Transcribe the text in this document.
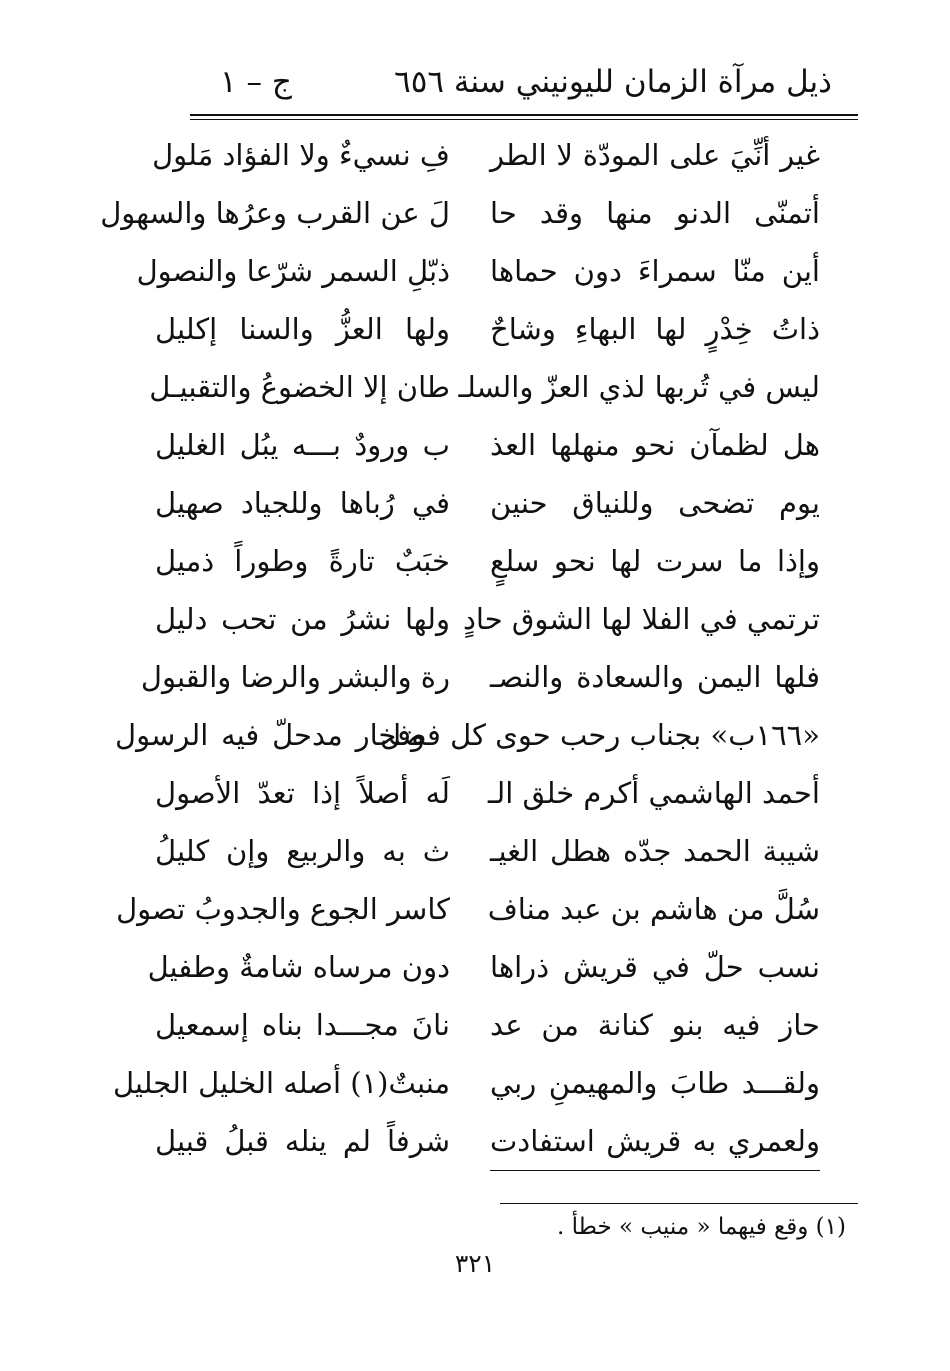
ذيل مرآة الزمان لليونيني سنة ٦٥٦
ج – ١
غير أنِّيَ على المودّة لا الطر
فِ نسيءٌ ولا الفؤاد مَلول
أتمنّى الدنو منها وقد حا
لَ عن القرب وعرُها والسهول
أين منّا سمراءَ دون حماها
ذبّلِ السمر شرّعا والنصول
ذاتُ خِدْرٍ لها البهاءِ وشاحٌ
ولها العزُّ والسنا إكليل
ليس في تُربها لذي العزّ والسلـ
طان إلا الخضوعُ والتقبيـل
هل لظمآن نحو منهلها العذ
ب ورودٌ بـــه يبُل الغليل
يوم تضحى وللنياق حنين
في رُباها وللجياد صهيل
وإذا ما سرت لها نحو سلعٍ
خبَبٌ تارةً وطوراً ذميل
ترتمي في الفلا لها الشوق حادٍ
ولها نشرُ من تحب دليل
فلها اليمن والسعادة والنصـ
رة والبشر والرضا والقبول
«١٦٦ب» بجناب رحب حوى كل فضل
وفخار مدحلّ فيه الرسول
أحمد الهاشمي أكرم خلق الـ
لَه أصلاً إذا تعدّ الأصول
شيبة الحمد جدّه هطل الغيـ
ث به والربيع وإن كليلُ
سُلَّ من هاشم بن عبد مناف
كاسر الجوع والجدوبُ تصول
نسب حلّ في قريش ذراها
دون مرساه شامةٌ وطفيل
حاز فيه بنو كنانة من عد
نانَ مجـــدا بناه إسمعيل
ولقـــد طابَ والمهيمنِ ربي
منبتٌ(١) أصله الخليل الجليل
ولعمري به قريش استفادت
شرفاً لم ينله قبلُ قبيل
(١) وقع فيهما « منيب » خطأ .
٣٢١
